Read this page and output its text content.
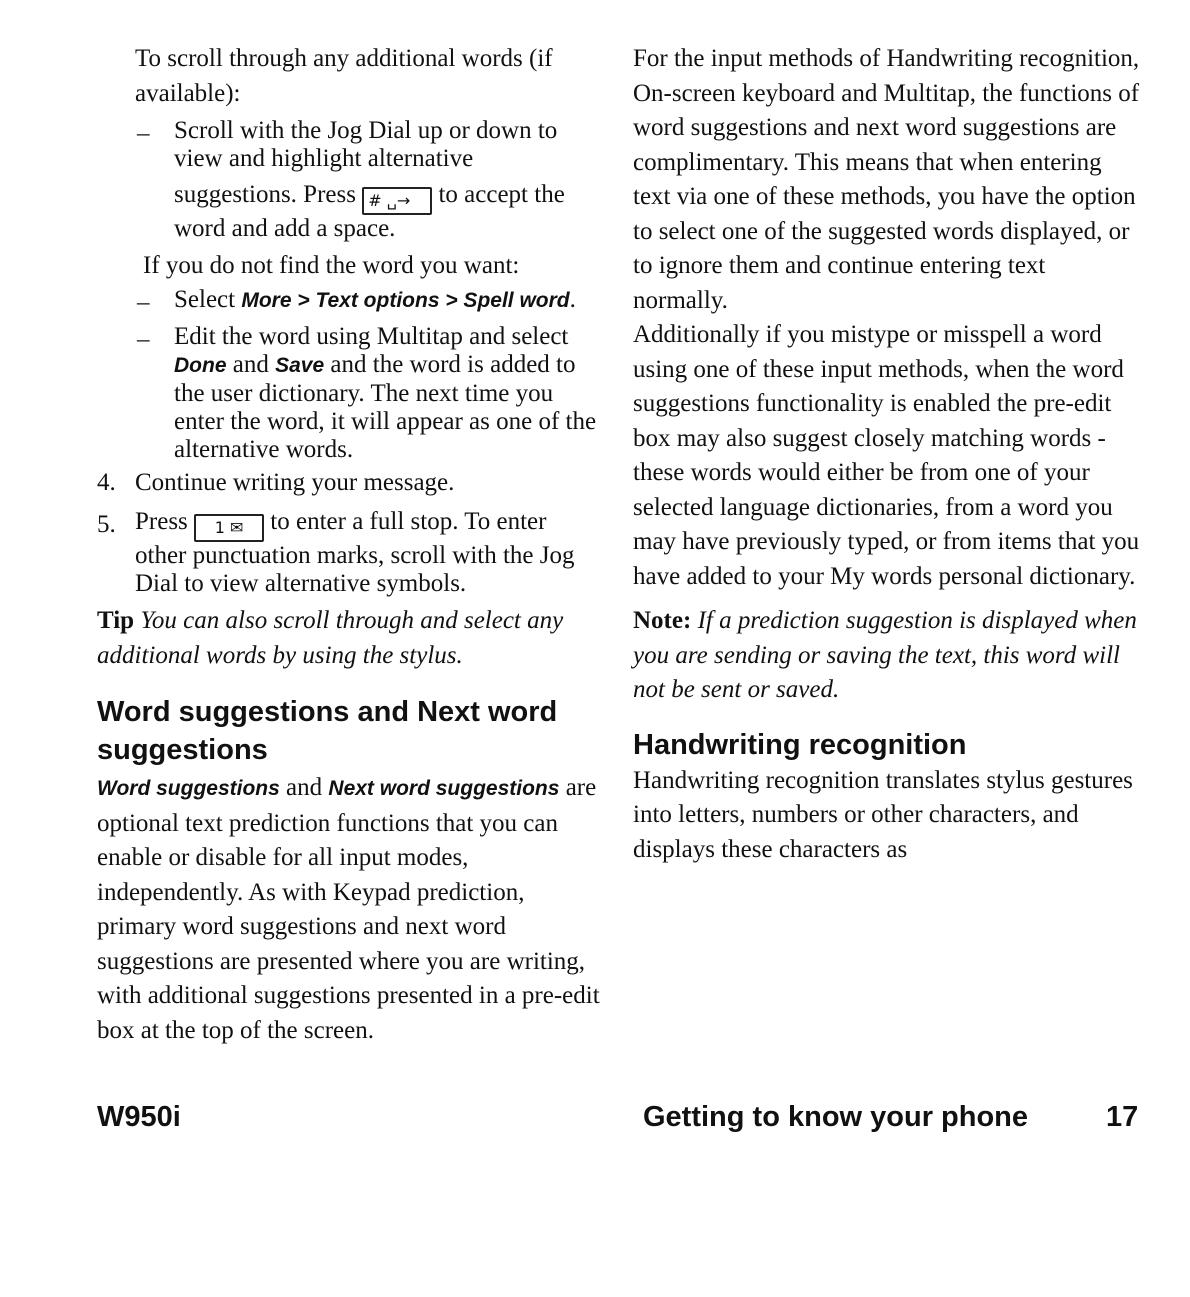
To scroll through any additional words (if available):

– Scroll with the Jog Dial up or down to view and highlight alternative

suggestions. Press # ␣→ to accept the word and add a space.

If you do not find the word you want:

– Select More > Text options > Spell word.

– Edit the word using Multitap and select Done and Save and the word is added to the user dictionary. The next time you enter the word, it will appear as one of the alternative words.

4. Continue writing your message.

5. Press 1 ✉ to enter a full stop. To enter other punctuation marks, scroll with the Jog Dial to view alternative symbols.

Tip You can also scroll through and select any additional words by using the stylus.

Word suggestions and Next word suggestions

Word suggestions and Next word suggestions are optional text prediction functions that you can enable or disable for all input modes, independently. As with Keypad prediction, primary word suggestions and next word suggestions are presented where you are writing, with additional suggestions presented in a pre-edit box at the top of the screen.

For the input methods of Handwriting recognition, On-screen keyboard and Multitap, the functions of word suggestions and next word suggestions are complimentary. This means that when entering text via one of these methods, you have the option to select one of the suggested words displayed, or to ignore them and continue entering text normally.

Additionally if you mistype or misspell a word using one of these input methods, when the word suggestions functionality is enabled the pre-edit box may also suggest closely matching words - these words would either be from one of your selected language dictionaries, from a word you may have previously typed, or from items that you have added to your My words personal dictionary.

Note: If a prediction suggestion is displayed when you are sending or saving the text, this word will not be sent or saved.

Handwriting recognition

Handwriting recognition translates stylus gestures into letters, numbers or other characters, and displays these characters as

W950i	Getting to know your phone	17
